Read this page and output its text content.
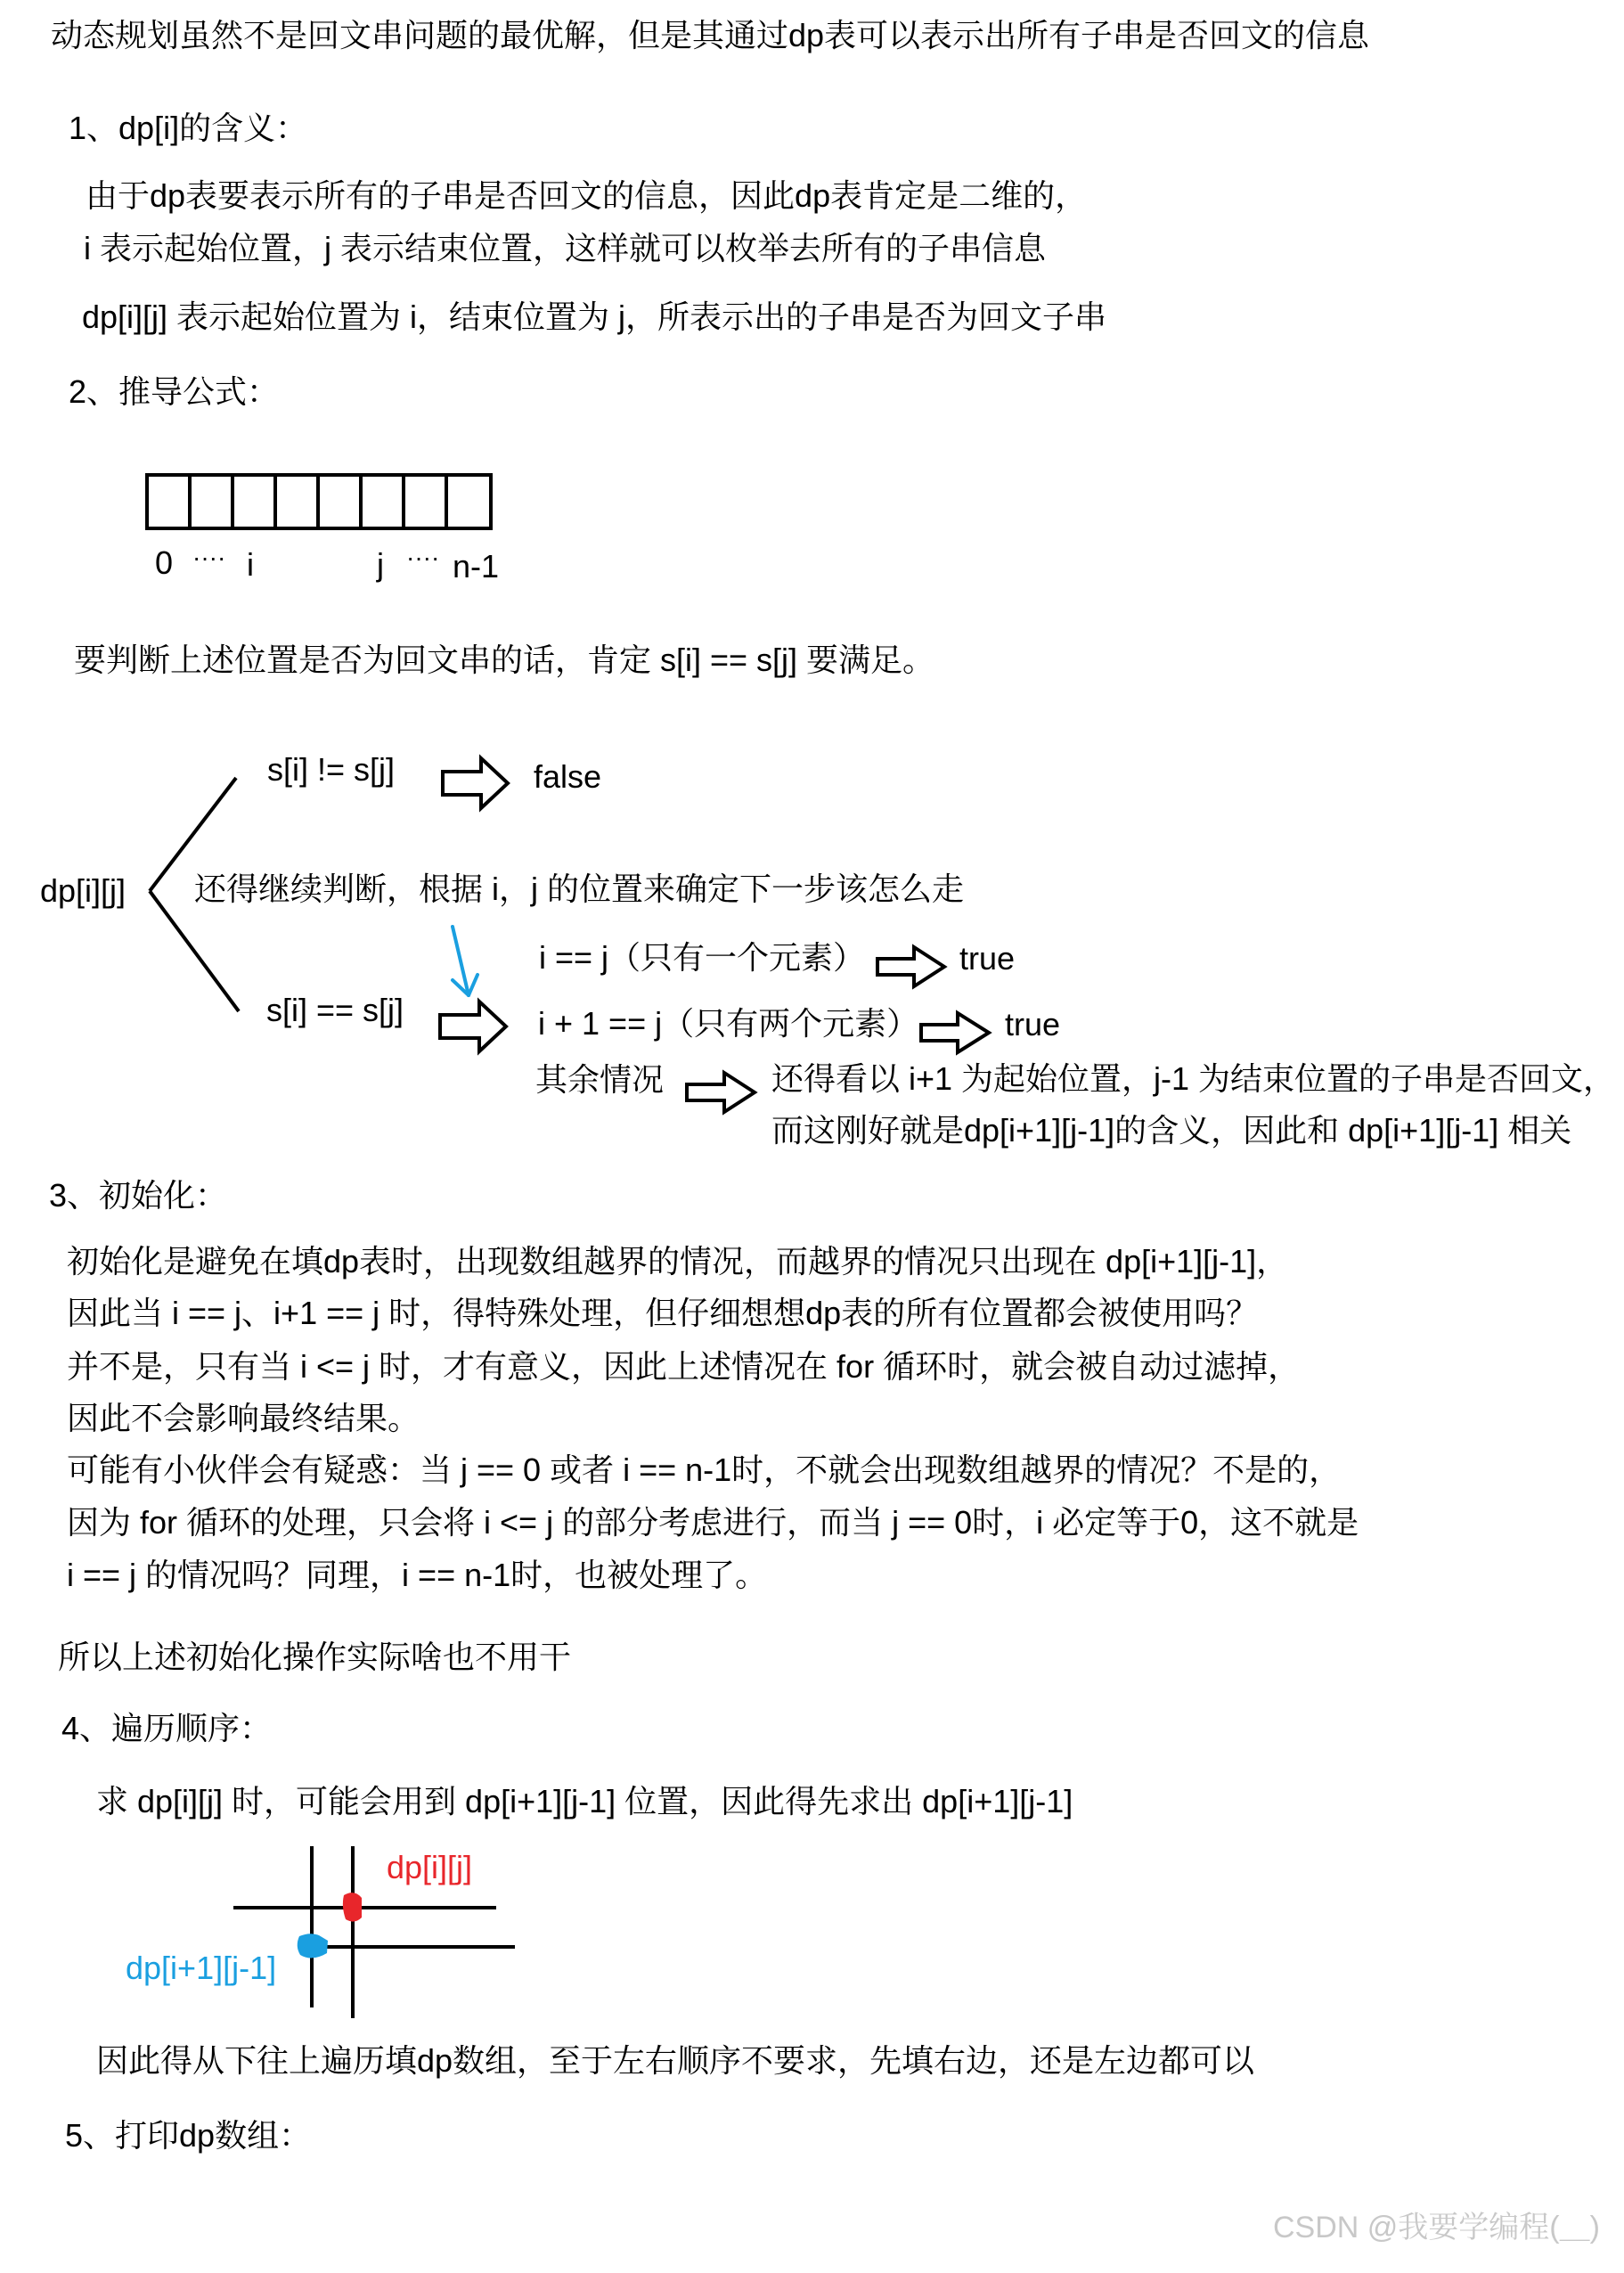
动态规划虽然不是回文串问题的最优解，但是其通过dp表可以表示出所有子串是否回文的信息
1、dp[i]的含义：
由于dp表要表示所有的子串是否回文的信息，因此dp表肯定是二维的，
i 表示起始位置，j 表示结束位置，这样就可以枚举去所有的子串信息
dp[i][j] 表示起始位置为 i，结束位置为 j，所表示出的子串是否为回文子串
2、推导公式：
0 ···· i	j ···· n-1
要判断上述位置是否为回文串的话，肯定 s[i] == s[j] 要满足。
dp[i][j]
s[i] != s[j]	false
还得继续判断，根据 i，j 的位置来确定下一步该怎么走
s[i] == s[j]
i == j（只有一个元素）	true
i + 1 == j（只有两个元素）	true
其余情况	还得看以 i+1 为起始位置，j-1 为结束位置的子串是否回文，
而这刚好就是dp[i+1][j-1]的含义，因此和 dp[i+1][j-1] 相关
3、初始化：
初始化是避免在填dp表时，出现数组越界的情况，而越界的情况只出现在 dp[i+1][j-1]，
因此当 i == j、i+1 == j 时，得特殊处理，但仔细想想dp表的所有位置都会被使用吗？
并不是，只有当 i <= j 时，才有意义，因此上述情况在 for 循环时，就会被自动过滤掉，
因此不会影响最终结果。
可能有小伙伴会有疑惑：当 j == 0 或者 i == n-1时，不就会出现数组越界的情况？不是的，
因为 for 循环的处理，只会将 i <= j 的部分考虑进行，而当 j == 0时，i 必定等于0，这不就是
i == j 的情况吗？同理，i == n-1时，也被处理了。
所以上述初始化操作实际啥也不用干
4、遍历顺序：
求 dp[i][j] 时，可能会用到 dp[i+1][j-1] 位置，因此得先求出 dp[i+1][j-1]
dp[i][j]
dp[i+1][j-1]
因此得从下往上遍历填dp数组，至于左右顺序不要求，先填右边，还是左边都可以
5、打印dp数组：
CSDN @我要学编程(＿)
